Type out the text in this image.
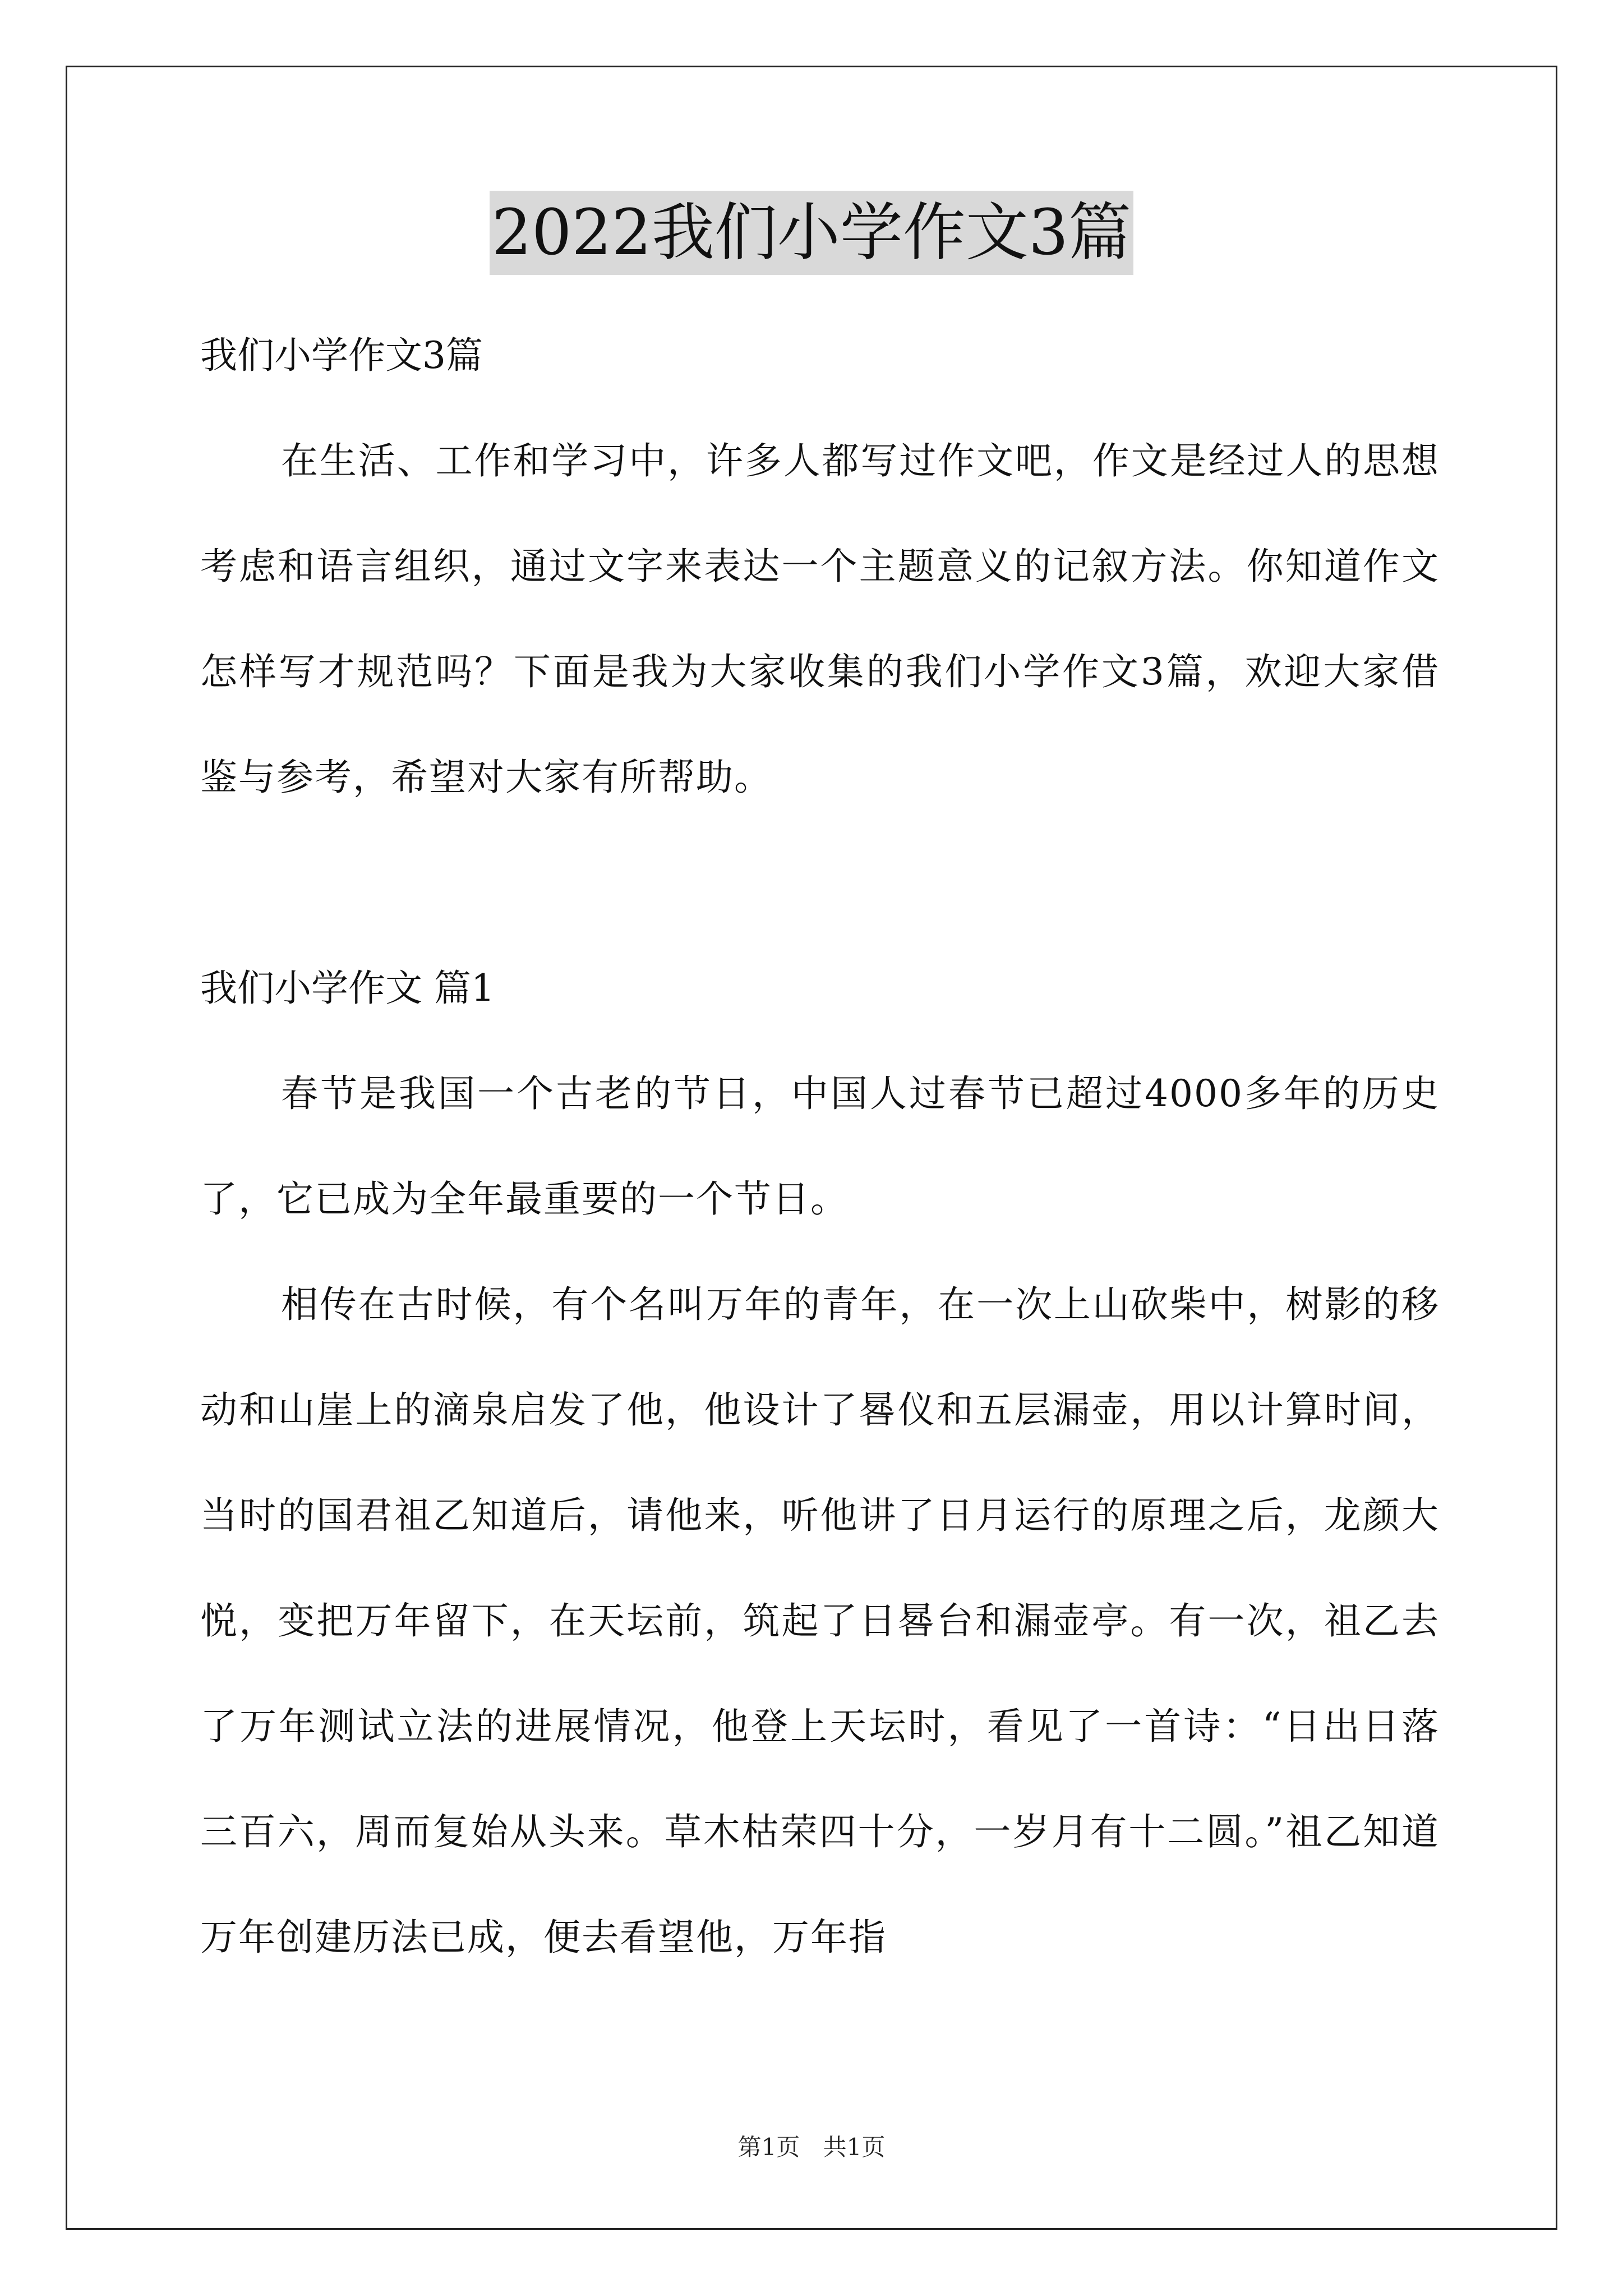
2022我们小学作文3篇

我们小学作文3篇

在生活、工作和学习中，许多人都写过作文吧，作文是经过人的思想考虑和语言组织，通过文字来表达一个主题意义的记叙方法。你知道作文怎样写才规范吗？下面是我为大家收集的我们小学作文3篇，欢迎大家借鉴与参考，希望对大家有所帮助。

我们小学作文 篇1

春节是我国一个古老的节日，中国人过春节已超过4000多年的历史了，它已成为全年最重要的一个节日。

相传在古时候，有个名叫万年的青年，在一次上山砍柴中，树影的移动和山崖上的滴泉启发了他，他设计了晷仪和五层漏壶，用以计算时间，当时的国君祖乙知道后，请他来，听他讲了日月运行的原理之后，龙颜大悦，变把万年留下，在天坛前，筑起了日晷台和漏壶亭。有一次，祖乙去了万年测试立法的进展情况，他登上天坛时，看见了一首诗：“日出日落三百六，周而复始从头来。草木枯荣四十分，一岁月有十二圆。”祖乙知道万年创建历法已成，便去看望他，万年指

第1页 共1页
